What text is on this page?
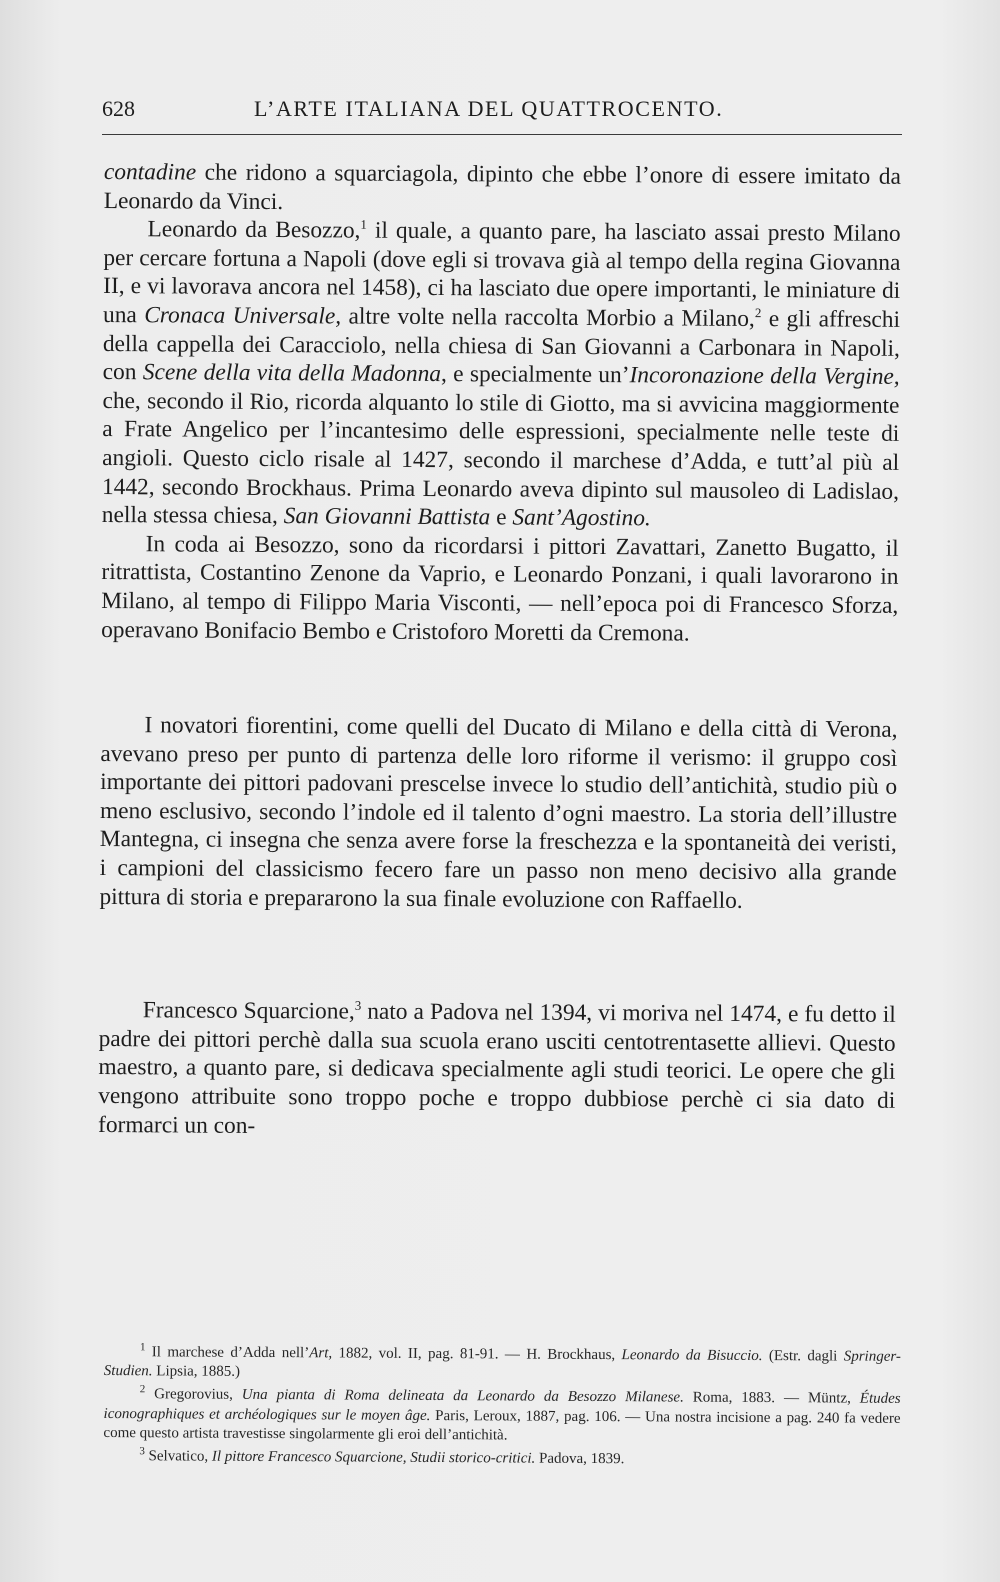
628	L’ARTE ITALIANA DEL QUATTROCENTO.

contadine che ridono a squarciagola, dipinto che ebbe l’onore di essere imitato da Leonardo da Vinci.

Leonardo da Besozzo,$^1$ il quale, a quanto pare, ha lasciato assai presto Milano per cercare fortuna a Napoli (dove egli si trovava già al tempo della regina Giovanna II, e vi lavorava ancora nel 1458), ci ha lasciato due opere importanti, le miniature di una Cronaca Universale, altre volte nella raccolta Morbio a Milano,$^2$ e gli affreschi della cappella dei Caracciolo, nella chiesa di San Giovanni a Carbonara in Napoli, con Scene della vita della Madonna, e specialmente un’Incoronazione della Vergine, che, secondo il Rio, ricorda alquanto lo stile di Giotto, ma si avvicina maggiormente a Frate Angelico per l’incantesimo delle espressioni, specialmente nelle teste di angioli. Questo ciclo risale al 1427, secondo il marchese d’Adda, e tutt’al più al 1442, secondo Brockhaus. Prima Leonardo aveva dipinto sul mausoleo di Ladislao, nella stessa chiesa, San Giovanni Battista e Sant’Agostino.

In coda ai Besozzo, sono da ricordarsi i pittori Zavattari, Zanetto Bugatto, il ritrattista, Costantino Zenone da Vaprio, e Leonardo Ponzani, i quali lavorarono in Milano, al tempo di Filippo Maria Visconti, — nell’epoca poi di Francesco Sforza, operavano Bonifacio Bembo e Cristoforo Moretti da Cremona.

I novatori fiorentini, come quelli del Ducato di Milano e della città di Verona, avevano preso per punto di partenza delle loro riforme il verismo: il gruppo così importante dei pittori padovani prescelse invece lo studio dell’antichità, studio più o meno esclusivo, secondo l’indole ed il talento d’ogni maestro. La storia dell’illustre Mantegna, ci insegna che senza avere forse la freschezza e la spontaneità dei veristi, i campioni del classicismo fecero fare un passo non meno decisivo alla grande pittura di storia e prepararono la sua finale evoluzione con Raffaello.

Francesco Squarcione,$^3$ nato a Padova nel 1394, vi moriva nel 1474, e fu detto il padre dei pittori perchè dalla sua scuola erano usciti centotrentasette allievi. Questo maestro, a quanto pare, si dedicava specialmente agli studi teorici. Le opere che gli vengono attribuite sono troppo poche e troppo dubbiose perchè ci sia dato di formarci un con-

$^1$ Il marchese d’Adda nell’Art, 1882, vol. II, pag. 81-91. — H. Brockhaus, Leonardo da Bisuccio. (Estr. dagli Springer-Studien. Lipsia, 1885.)

$^2$ Gregorovius, Una pianta di Roma delineata da Leonardo da Besozzo Milanese. Roma, 1883. — Müntz, Études iconographiques et archéologiques sur le moyen âge. Paris, Leroux, 1887, pag. 106. — Una nostra incisione a pag. 240 fa vedere come questo artista travestisse singolarmente gli eroi dell’antichità.

$^3$ Selvatico, Il pittore Francesco Squarcione, Studii storico-critici. Padova, 1839.
